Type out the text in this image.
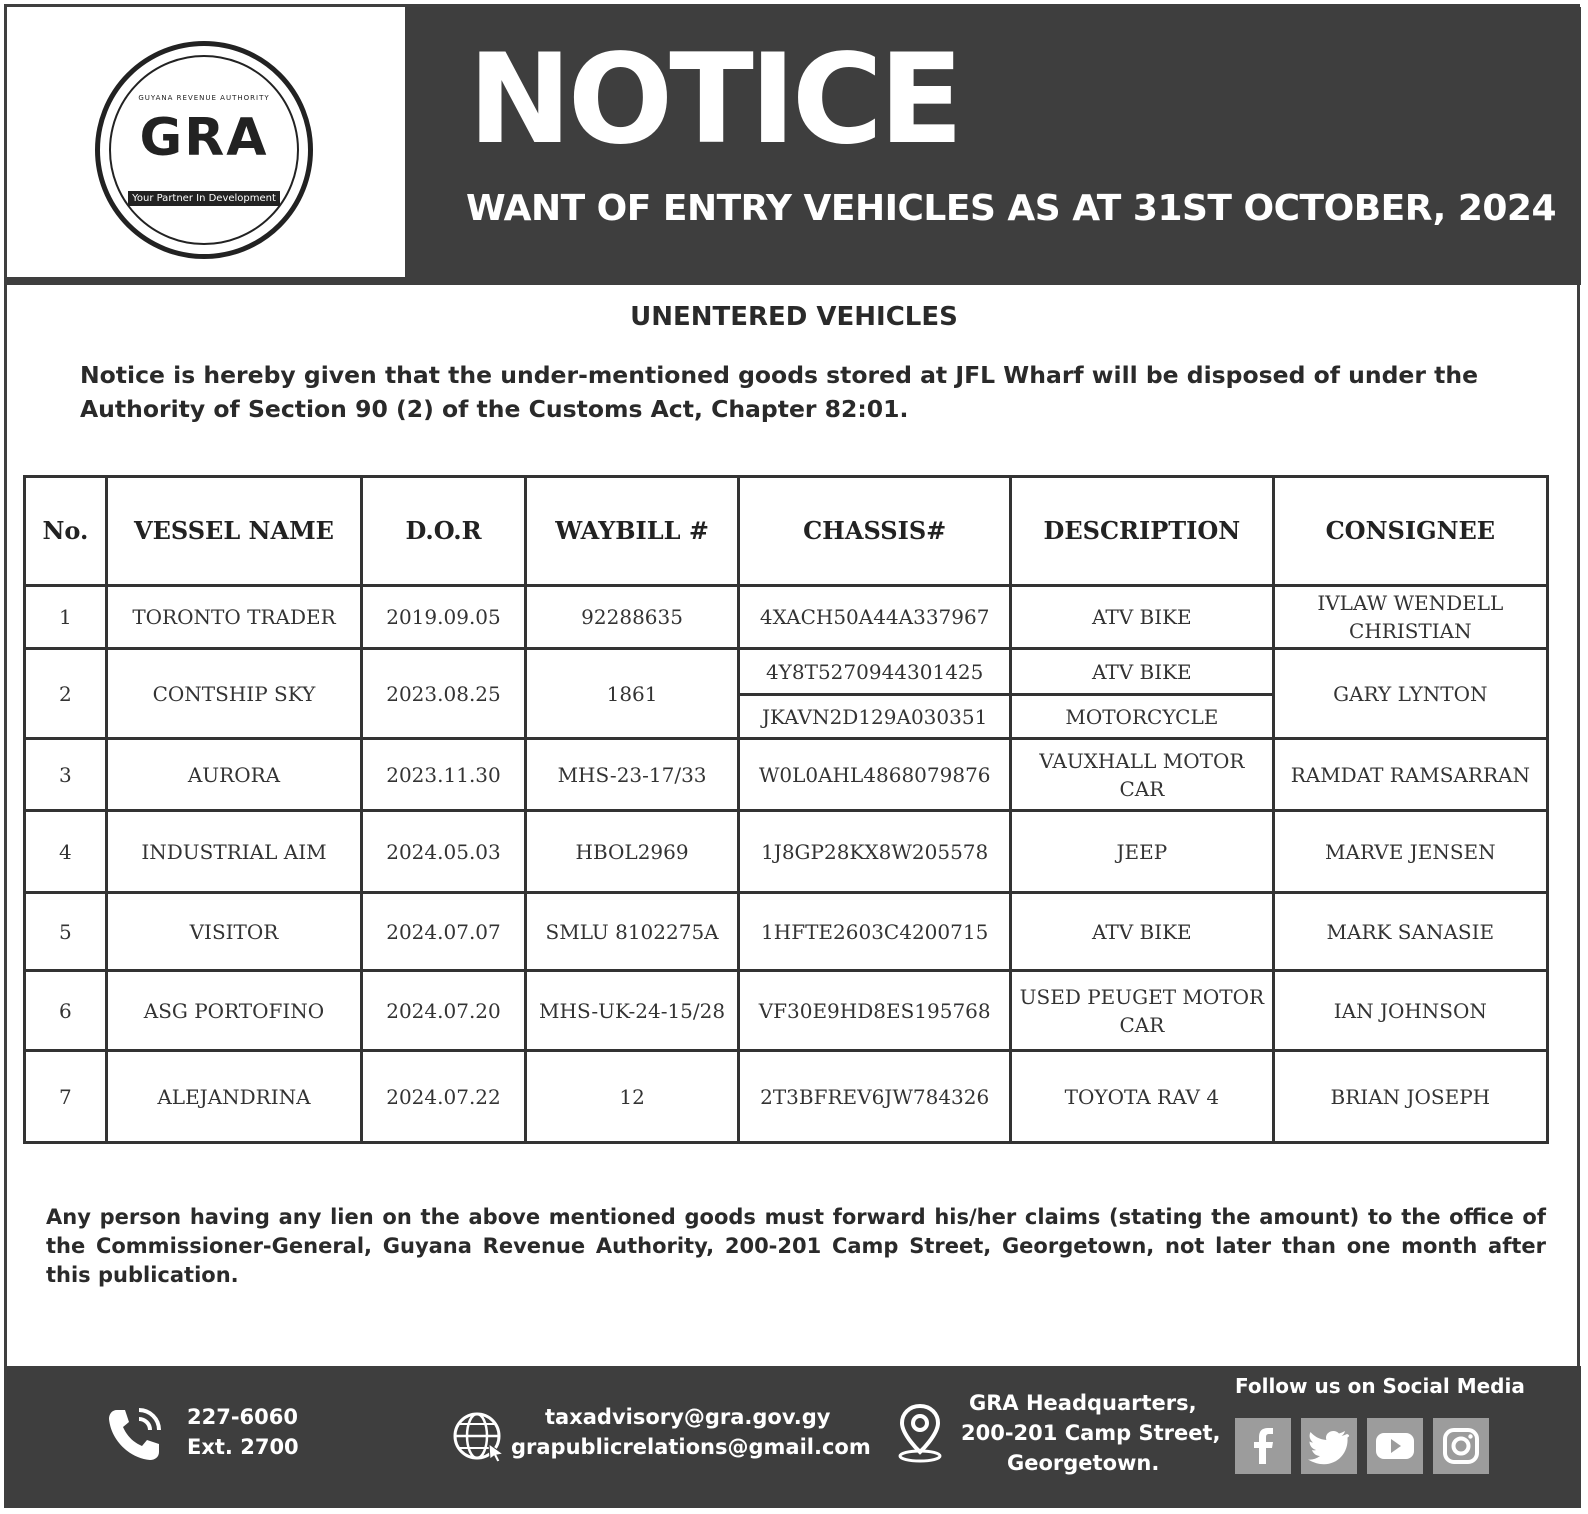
GUYANA REVENUE AUTHORITY
GRA
Your Partner In Development
NOTICE
WANT OF ENTRY VEHICLES AS AT 31ST OCTOBER, 2024
UNENTERED VEHICLES
Notice is hereby given that the under-mentioned goods stored at JFL Wharf will be disposed of under the Authority of Section 90 (2) of the Customs Act, Chapter 82:01.
No.	VESSEL NAME	D.O.R	WAYBILL #	CHASSIS#	DESCRIPTION	CONSIGNEE
1	TORONTO TRADER	2019.09.05	92288635	4XACH50A44A337967	ATV BIKE	IVLAW WENDELL CHRISTIAN
2	CONTSHIP SKY	2023.08.25	1861	4Y8T5270944301425	ATV BIKE	GARY LYNTON
				JKAVN2D129A030351	MOTORCYCLE	
3	AURORA	2023.11.30	MHS-23-17/33	W0L0AHL4868079876	VAUXHALL MOTOR CAR	RAMDAT RAMSARRAN
4	INDUSTRIAL AIM	2024.05.03	HBOL2969	1J8GP28KX8W205578	JEEP	MARVE JENSEN
5	VISITOR	2024.07.07	SMLU 8102275A	1HFTE2603C4200715	ATV BIKE	MARK SANASIE
6	ASG PORTOFINO	2024.07.20	MHS-UK-24-15/28	VF30E9HD8ES195768	USED PEUGET MOTOR CAR	IAN JOHNSON
7	ALEJANDRINA	2024.07.22	12	2T3BFREV6JW784326	TOYOTA RAV 4	BRIAN JOSEPH
Any person having any lien on the above mentioned goods must forward his/her claims (stating the amount) to the office of the Commissioner-General, Guyana Revenue Authority, 200-201 Camp Street, Georgetown, not later than one month after this publication.
227-6060
Ext. 2700
taxadvisory@gra.gov.gy
grapublicrelations@gmail.com
GRA Headquarters,
200-201 Camp Street,
Georgetown.
Follow us on Social Media
